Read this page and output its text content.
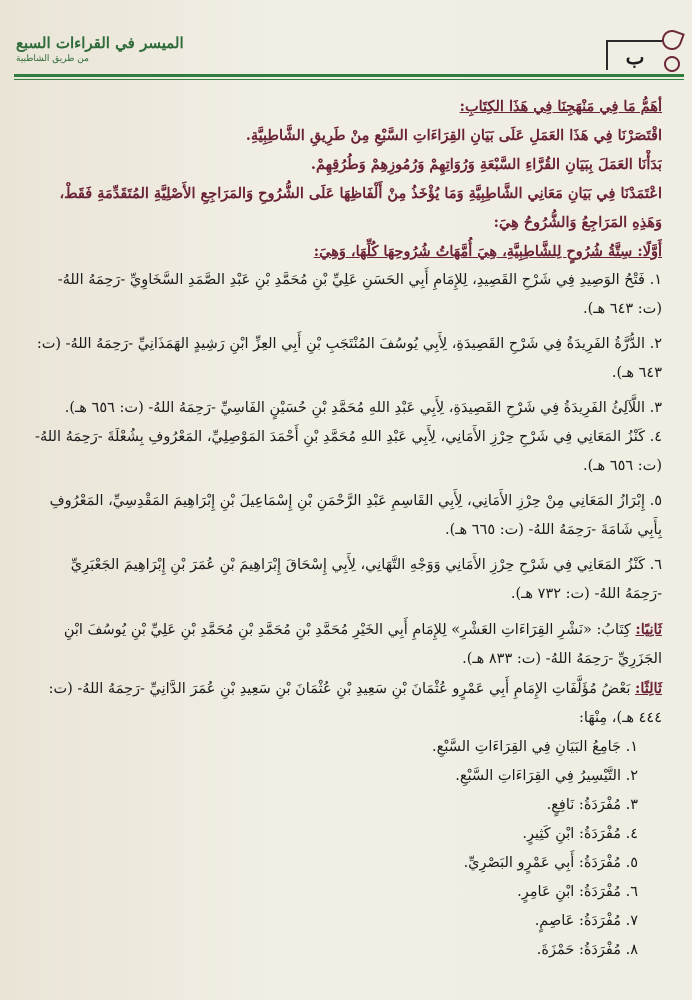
الميسر في القراءات السبع
من طريق الشاطبية	ب
أهَمُّ مَا فِي مَنْهَجِنَا فِي هَذَا الكِتَابِ:
اقْتَصَرْنَا فِي هَذَا العَمَلِ عَلَى بَيَانِ القِرَاءَاتِ السَّبْعِ مِنْ طَرِيقِ الشَّاطِبِيَّةِ.
بَدَأْنَا العَمَلَ بِبَيَانِ القُرَّاءِ السَّبْعَةِ وَرُوَاتِهِمْ وَرُمُوزِهِمْ وَطُرُقِهِمْ.
اعْتَمَدْنَا فِي بَيَانِ مَعَانِي الشَّاطِبِيَّةِ وَمَا يُؤْخَذُ مِنْ أَلْفَاظِهَا عَلَى الشُّرُوحِ وَالمَرَاجِعِ الأَصْلِيَّةِ المُتَقَدِّمَةِ فَقَطْ، وَهَذِهِ المَرَاجِعُ وَالشُّرُوحُ هِيَ:
أَوَّلًا: سِتَّةُ شُرُوحٍ لِلشَّاطِبِيَّةِ، هِيَ أُمَّهَاتُ شُرُوحِهَا كُلِّهَا، وَهِيَ:
١. فَتْحُ الوَصِيدِ فِي شَرْحِ القَصِيدِ، لِلإِمَامِ أَبِي الحَسَنِ عَلِيِّ بْنِ مُحَمَّدِ بْنِ عَبْدِ الصَّمَدِ السَّخَاوِيِّ -رَحِمَهُ اللهُ- (ت: ٦٤٣ هـ).
٢. الدُّرَّةُ الفَرِيدَةُ فِي شَرْحِ القَصِيدَةِ، لِأَبِي يُوسُفَ المُنْتَجَبِ بْنِ أَبِي العِزِّ ابْنِ رَشِيدٍ الهَمَذَانِيِّ -رَحِمَهُ اللهُ- (ت: ٦٤٣ هـ).
٣. اللَّآلِئُ الفَرِيدَةُ فِي شَرْحِ القَصِيدَةِ، لِأَبِي عَبْدِ اللهِ مُحَمَّدِ بْنِ حُسَيْنٍ الفَاسِيِّ -رَحِمَهُ اللهُ- (ت: ٦٥٦ هـ).
٤. كَنْزُ المَعَانِي فِي شَرْحِ حِرْزِ الأَمَانِي، لِأَبِي عَبْدِ اللهِ مُحَمَّدِ بْنِ أَحْمَدَ المَوْصِلِيِّ، المَعْرُوفِ بِشُعْلَةَ -رَحِمَهُ اللهُ- (ت: ٦٥٦ هـ).
٥. إِبْرَازُ المَعَانِي مِنْ حِرْزِ الأَمَانِي، لِأَبِي القَاسِمِ عَبْدِ الرَّحْمَنِ بْنِ إِسْمَاعِيلَ بْنِ إِبْرَاهِيمَ المَقْدِسِيِّ، المَعْرُوفِ بِأَبِي شَامَةَ -رَحِمَهُ اللهُ- (ت: ٦٦٥ هـ).
٦. كَنْزُ المَعَانِي فِي شَرْحِ حِرْزِ الأَمَانِي وَوَجْهِ التَّهَانِي، لِأَبِي إِسْحَاقَ إِبْرَاهِيمَ بْنِ عُمَرَ بْنِ إِبْرَاهِيمَ الجَعْبَرِيِّ -رَحِمَهُ اللهُ- (ت: ٧٣٢ هـ).
ثَانِيًا: كِتَابُ: «نَشْرِ القِرَاءَاتِ العَشْرِ» لِلإِمَامِ أَبِي الخَيْرِ مُحَمَّدِ بْنِ مُحَمَّدِ بْنِ مُحَمَّدِ بْنِ عَلِيِّ بْنِ يُوسُفَ ابْنِ الجَزَرِيِّ -رَحِمَهُ اللهُ- (ت: ٨٣٣ هـ).
ثَالِثًا: بَعْضُ مُؤَلَّفَاتِ الإِمَامِ أَبِي عَمْرٍو عُثْمَانَ بْنِ سَعِيدِ بْنِ عُثْمَانَ بْنِ سَعِيدِ بْنِ عُمَرَ الدَّانِيِّ -رَحِمَهُ اللهُ- (ت: ٤٤٤ هـ)، مِنْهَا:
١. جَامِعُ البَيَانِ فِي القِرَاءَاتِ السَّبْعِ.
٢. التَّيْسِيرُ فِي القِرَاءَاتِ السَّبْعِ.
٣. مُفْرَدَةُ: نَافِعٍ.
٤. مُفْرَدَةُ: ابْنِ كَثِيرٍ.
٥. مُفْرَدَةُ: أَبِي عَمْرٍو البَصْرِيِّ.
٦. مُفْرَدَةُ: ابْنِ عَامِرٍ.
٧. مُفْرَدَةُ: عَاصِمٍ.
٨. مُفْرَدَةُ: حَمْزَةَ.
